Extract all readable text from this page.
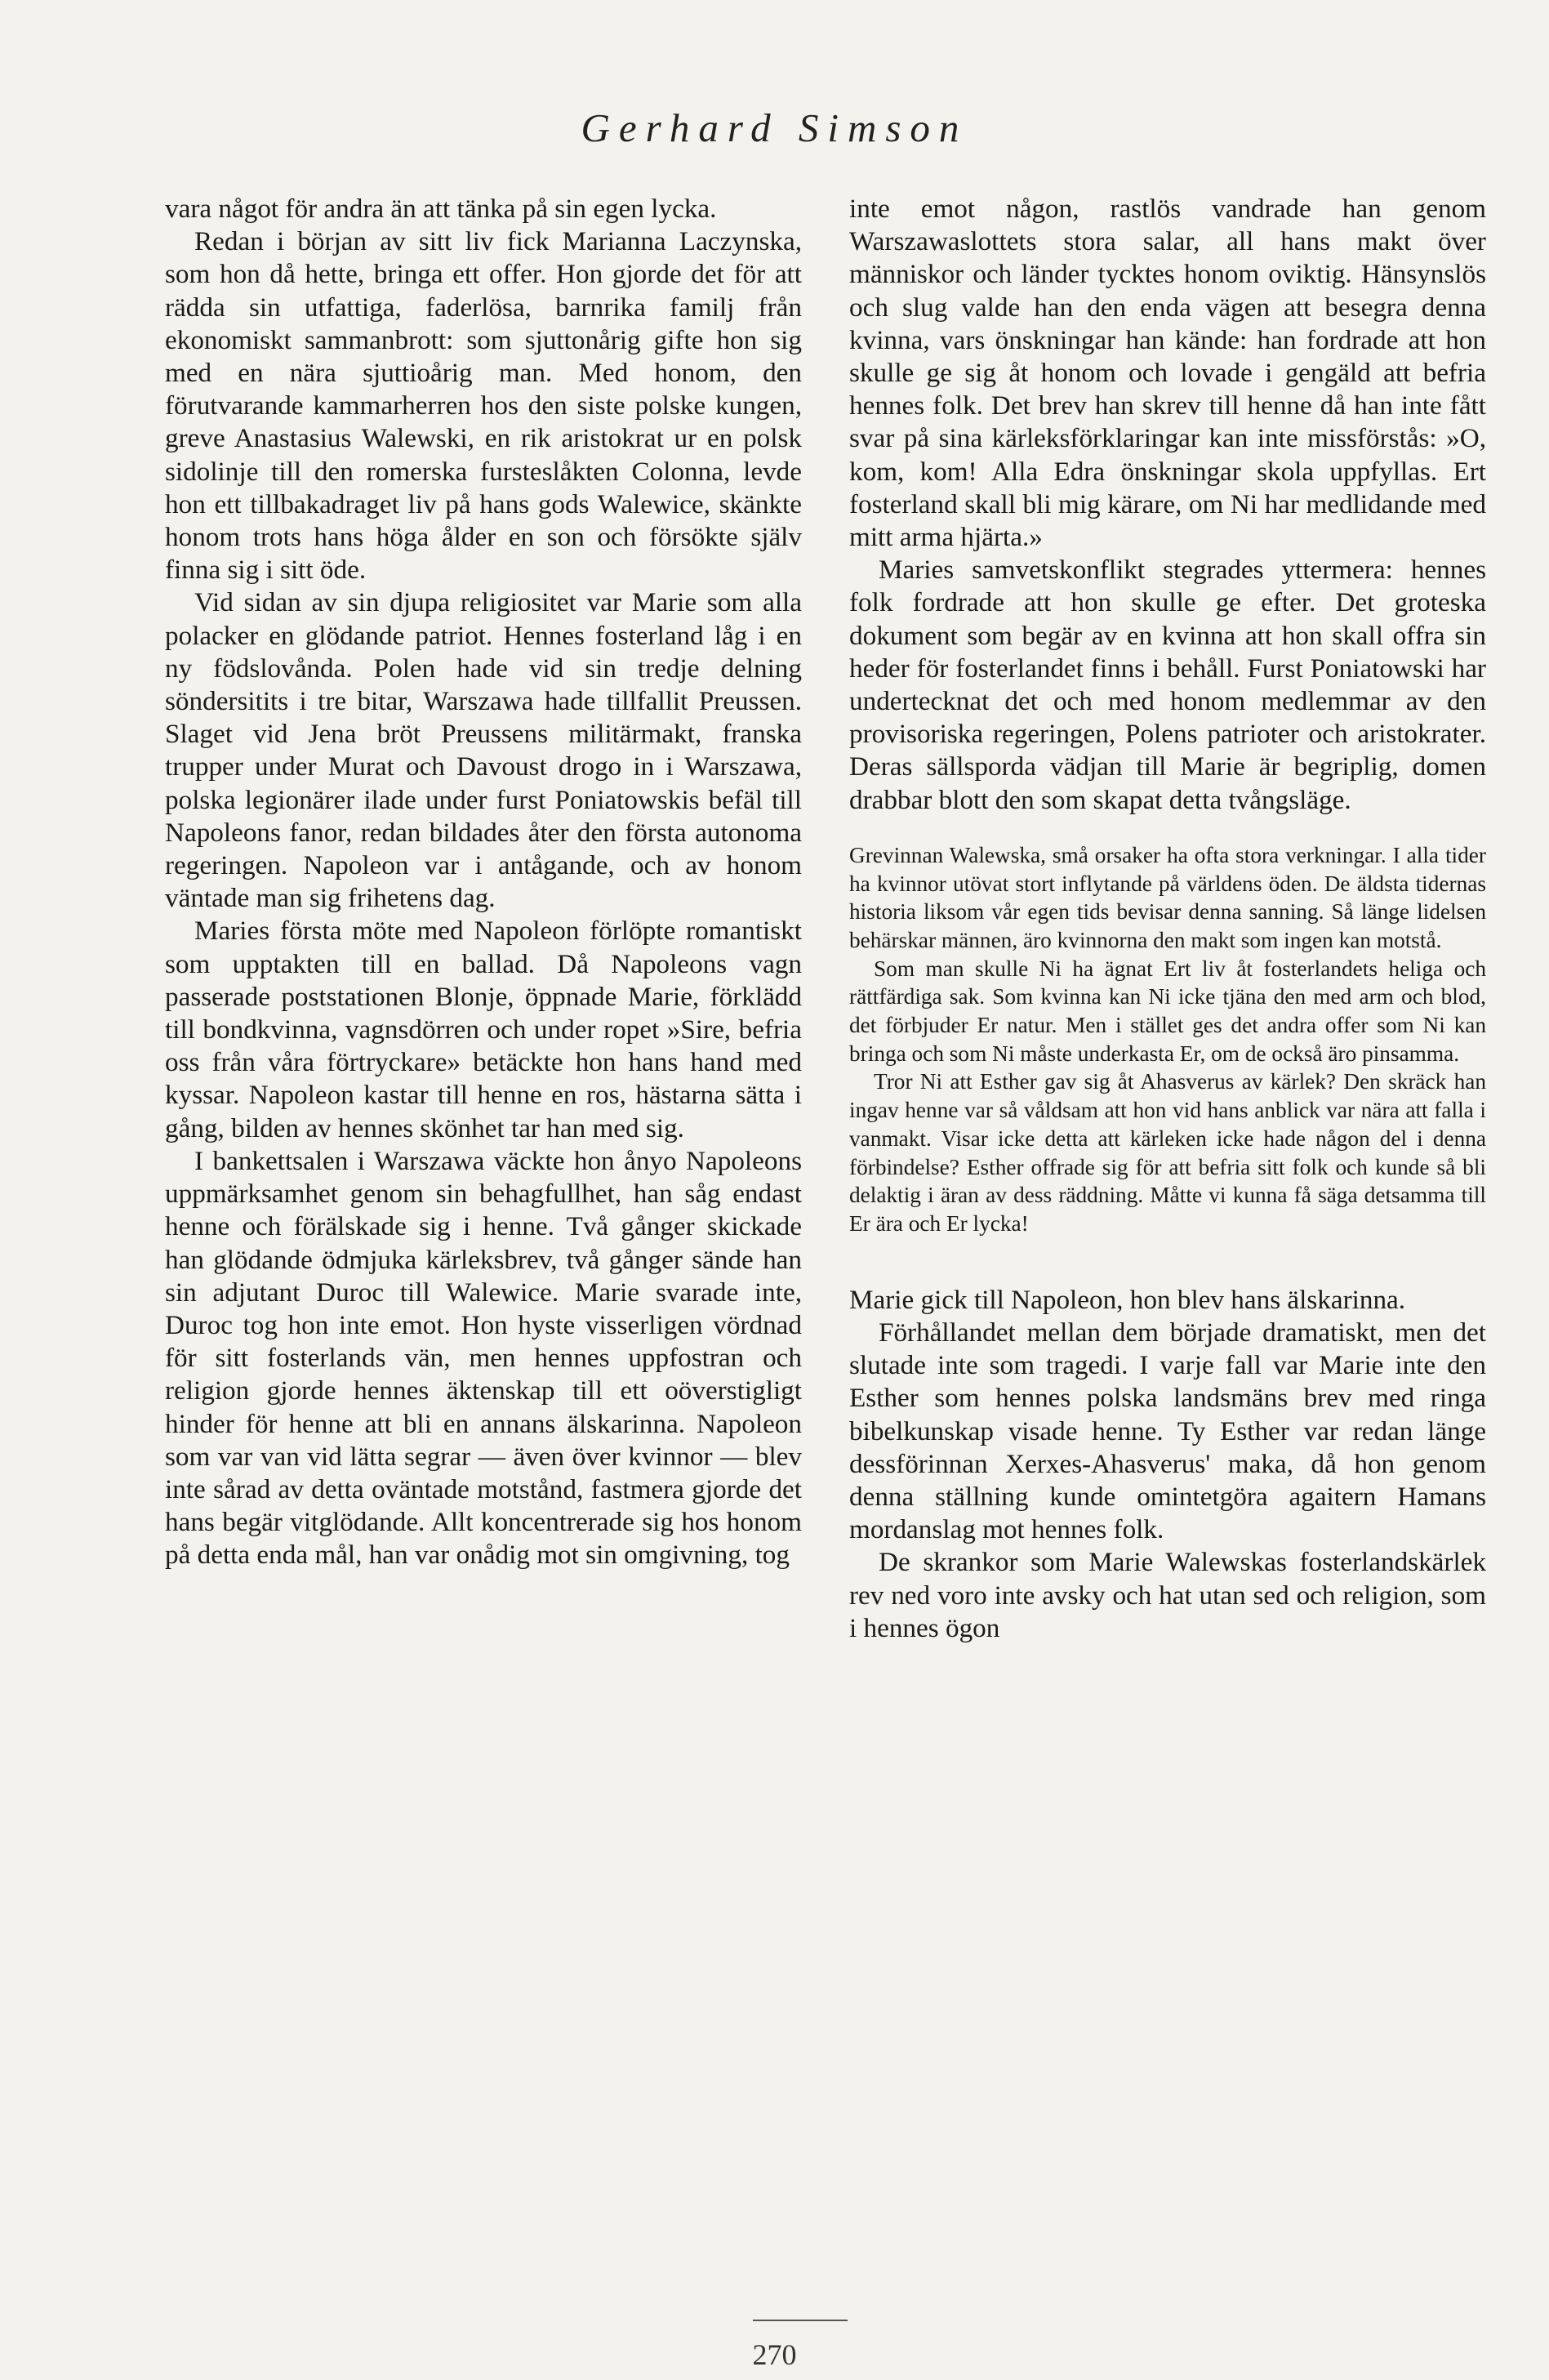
Gerhard Simson

vara något för andra än att tänka på sin egen lycka.

Redan i början av sitt liv fick Marianna Laczynska, som hon då hette, bringa ett offer. Hon gjorde det för att rädda sin utfattiga, faderlösa, barnrika familj från ekonomiskt sammanbrott: som sjuttonårig gifte hon sig med en nära sjuttioårig man. Med honom, den förutvarande kammarherren hos den siste polske kungen, greve Anastasius Walewski, en rik aristokrat ur en polsk sidolinje till den romerska fursteslåkten Colonna, levde hon ett tillbakadraget liv på hans gods Walewice, skänkte honom trots hans höga ålder en son och försökte själv finna sig i sitt öde.

Vid sidan av sin djupa religiositet var Marie som alla polacker en glödande patriot. Hennes fosterland låg i en ny födslovånda. Polen hade vid sin tredje delning söndersitits i tre bitar, Warszawa hade tillfallit Preussen. Slaget vid Jena bröt Preussens militärmakt, franska trupper under Murat och Davoust drogo in i Warszawa, polska legionärer ilade under furst Poniatowskis befäl till Napoleons fanor, redan bildades åter den första autonoma regeringen. Napoleon var i antågande, och av honom väntade man sig frihetens dag.

Maries första möte med Napoleon förlöpte romantiskt som upptakten till en ballad. Då Napoleons vagn passerade poststationen Blonje, öppnade Marie, förklädd till bondkvinna, vagnsdörren och under ropet »Sire, befria oss från våra förtryckare» betäckte hon hans hand med kyssar. Napoleon kastar till henne en ros, hästarna sätta i gång, bilden av hennes skönhet tar han med sig.

I bankettsalen i Warszawa väckte hon ånyo Napoleons uppmärksamhet genom sin behagfullhet, han såg endast henne och förälskade sig i henne. Två gånger skickade han glödande ödmjuka kärleksbrev, två gånger sände han sin adjutant Duroc till Walewice. Marie svarade inte, Duroc tog hon inte emot. Hon hyste visserligen vördnad för sitt fosterlands vän, men hennes uppfostran och religion gjorde hennes äktenskap till ett oöverstigligt hinder för henne att bli en annans älskarinna. Napoleon som var van vid lätta segrar — även över kvinnor — blev inte sårad av detta oväntade motstånd, fastmera gjorde det hans begär vitglödande. Allt koncentrerade sig hos honom på detta enda mål, han var onådig mot sin omgivning, tog

inte emot någon, rastlös vandrade han genom Warszawaslottets stora salar, all hans makt över människor och länder tycktes honom oviktig. Hänsynslös och slug valde han den enda vägen att besegra denna kvinna, vars önskningar han kände: han fordrade att hon skulle ge sig åt honom och lovade i gengäld att befria hennes folk. Det brev han skrev till henne då han inte fått svar på sina kärleksförklaringar kan inte missförstås: »O, kom, kom! Alla Edra önskningar skola uppfyllas. Ert fosterland skall bli mig kärare, om Ni har medlidande med mitt arma hjärta.»

Maries samvetskonflikt stegrades yttermera: hennes folk fordrade att hon skulle ge efter. Det groteska dokument som begär av en kvinna att hon skall offra sin heder för fosterlandet finns i behåll. Furst Poniatowski har undertecknat det och med honom medlemmar av den provisoriska regeringen, Polens patrioter och aristokrater. Deras sällsporda vädjan till Marie är begriplig, domen drabbar blott den som skapat detta tvångsläge.

Grevinnan Walewska, små orsaker ha ofta stora verkningar. I alla tider ha kvinnor utövat stort inflytande på världens öden. De äldsta tidernas historia liksom vår egen tids bevisar denna sanning. Så länge lidelsen behärskar männen, äro kvinnorna den makt som ingen kan motstå.

Som man skulle Ni ha ägnat Ert liv åt fosterlandets heliga och rättfärdiga sak. Som kvinna kan Ni icke tjäna den med arm och blod, det förbjuder Er natur. Men i stället ges det andra offer som Ni kan bringa och som Ni måste underkasta Er, om de också äro pinsamma.

Tror Ni att Esther gav sig åt Ahasverus av kärlek? Den skräck han ingav henne var så våldsam att hon vid hans anblick var nära att falla i vanmakt. Visar icke detta att kärleken icke hade någon del i denna förbindelse? Esther offrade sig för att befria sitt folk och kunde så bli delaktig i äran av dess räddning. Måtte vi kunna få säga detsamma till Er ära och Er lycka!

Marie gick till Napoleon, hon blev hans älskarinna.

Förhållandet mellan dem började dramatiskt, men det slutade inte som tragedi. I varje fall var Marie inte den Esther som hennes polska landsmäns brev med ringa bibelkunskap visade henne. Ty Esther var redan länge dessförinnan Xerxes-Ahasverus' maka, då hon genom denna ställning kunde omintetgöra agaitern Hamans mordanslag mot hennes folk.

De skrankor som Marie Walewskas fosterlandskärlek rev ned voro inte avsky och hat utan sed och religion, som i hennes ögon

270
